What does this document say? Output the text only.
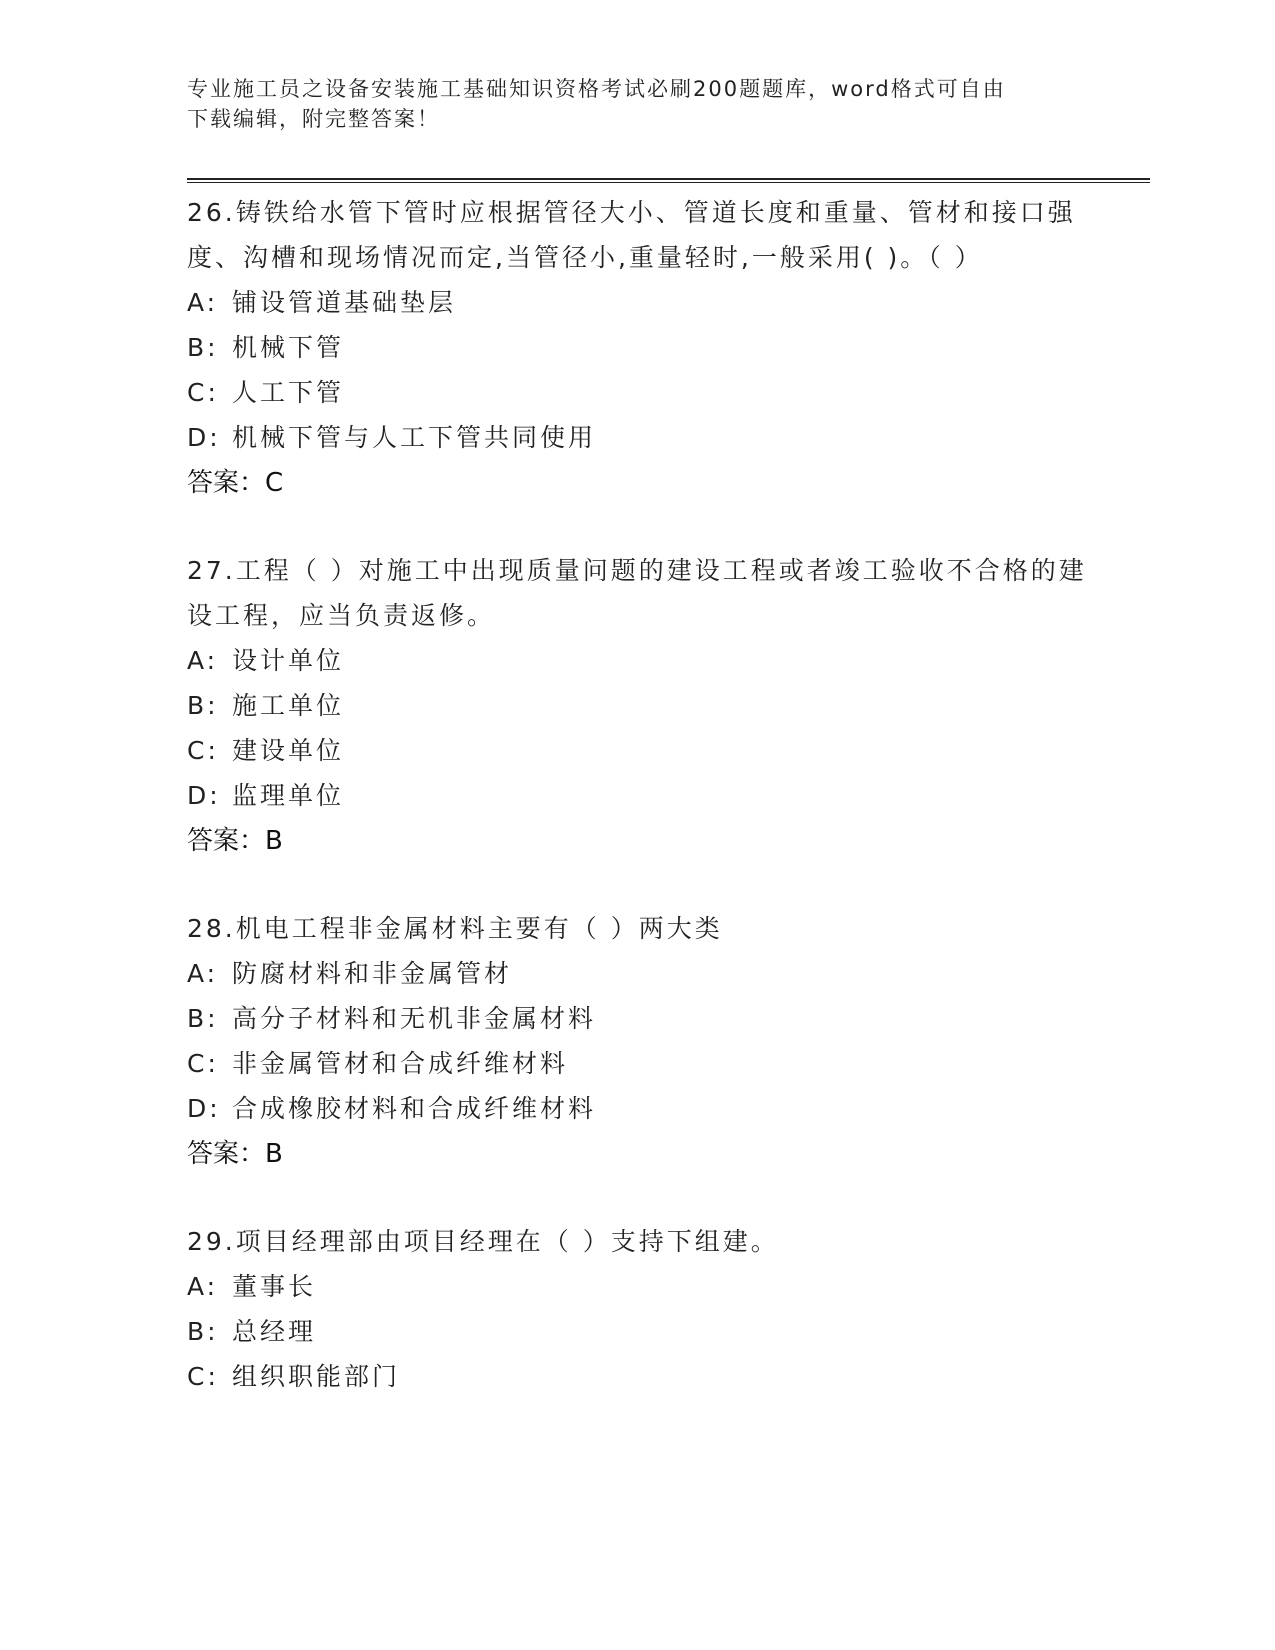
专业施工员之设备安装施工基础知识资格考试必刷200题题库，word格式可自由
下载编辑，附完整答案！

26.铸铁给水管下管时应根据管径大小、管道长度和重量、管材和接口强度、沟槽和现场情况而定,当管径小,重量轻时,一般采用( )。（ ）

A: 铺设管道基础垫层
B: 机械下管
C: 人工下管
D: 机械下管与人工下管共同使用
答案：C

27.工程（ ）对施工中出现质量问题的建设工程或者竣工验收不合格的建设工程，应当负责返修。

A: 设计单位
B: 施工单位
C: 建设单位
D: 监理单位
答案：B

28.机电工程非金属材料主要有（ ）两大类

A: 防腐材料和非金属管材
B: 高分子材料和无机非金属材料
C: 非金属管材和合成纤维材料
D: 合成橡胶材料和合成纤维材料
答案：B

29.项目经理部由项目经理在（ ）支持下组建。

A: 董事长
B: 总经理
C: 组织职能部门
